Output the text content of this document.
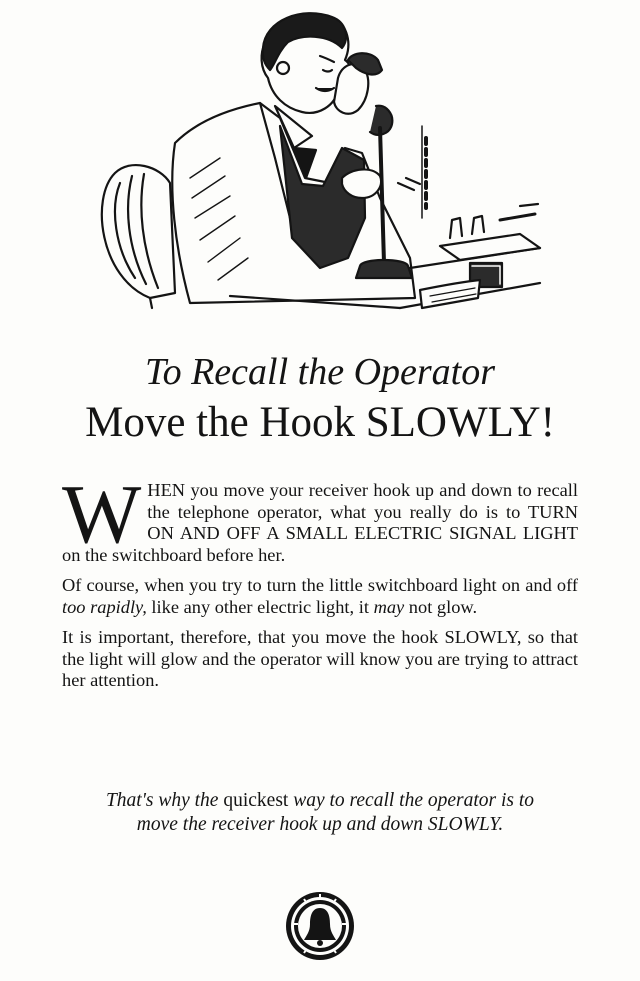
To Recall the Operator
Move the Hook SLOWLY!

WHEN you move your receiver hook up and down to recall the telephone operator, what you really do is to TURN ON AND OFF A SMALL ELECTRIC SIGNAL LIGHT on the switchboard before her.

Of course, when you try to turn the little switchboard light on and off too rapidly, like any other electric light, it may not glow.

It is important, therefore, that you move the hook SLOWLY, so that the light will glow and the operator will know you are trying to attract her attention.

That's why the quickest way to recall the operator is to move the receiver hook up and down SLOWLY.
